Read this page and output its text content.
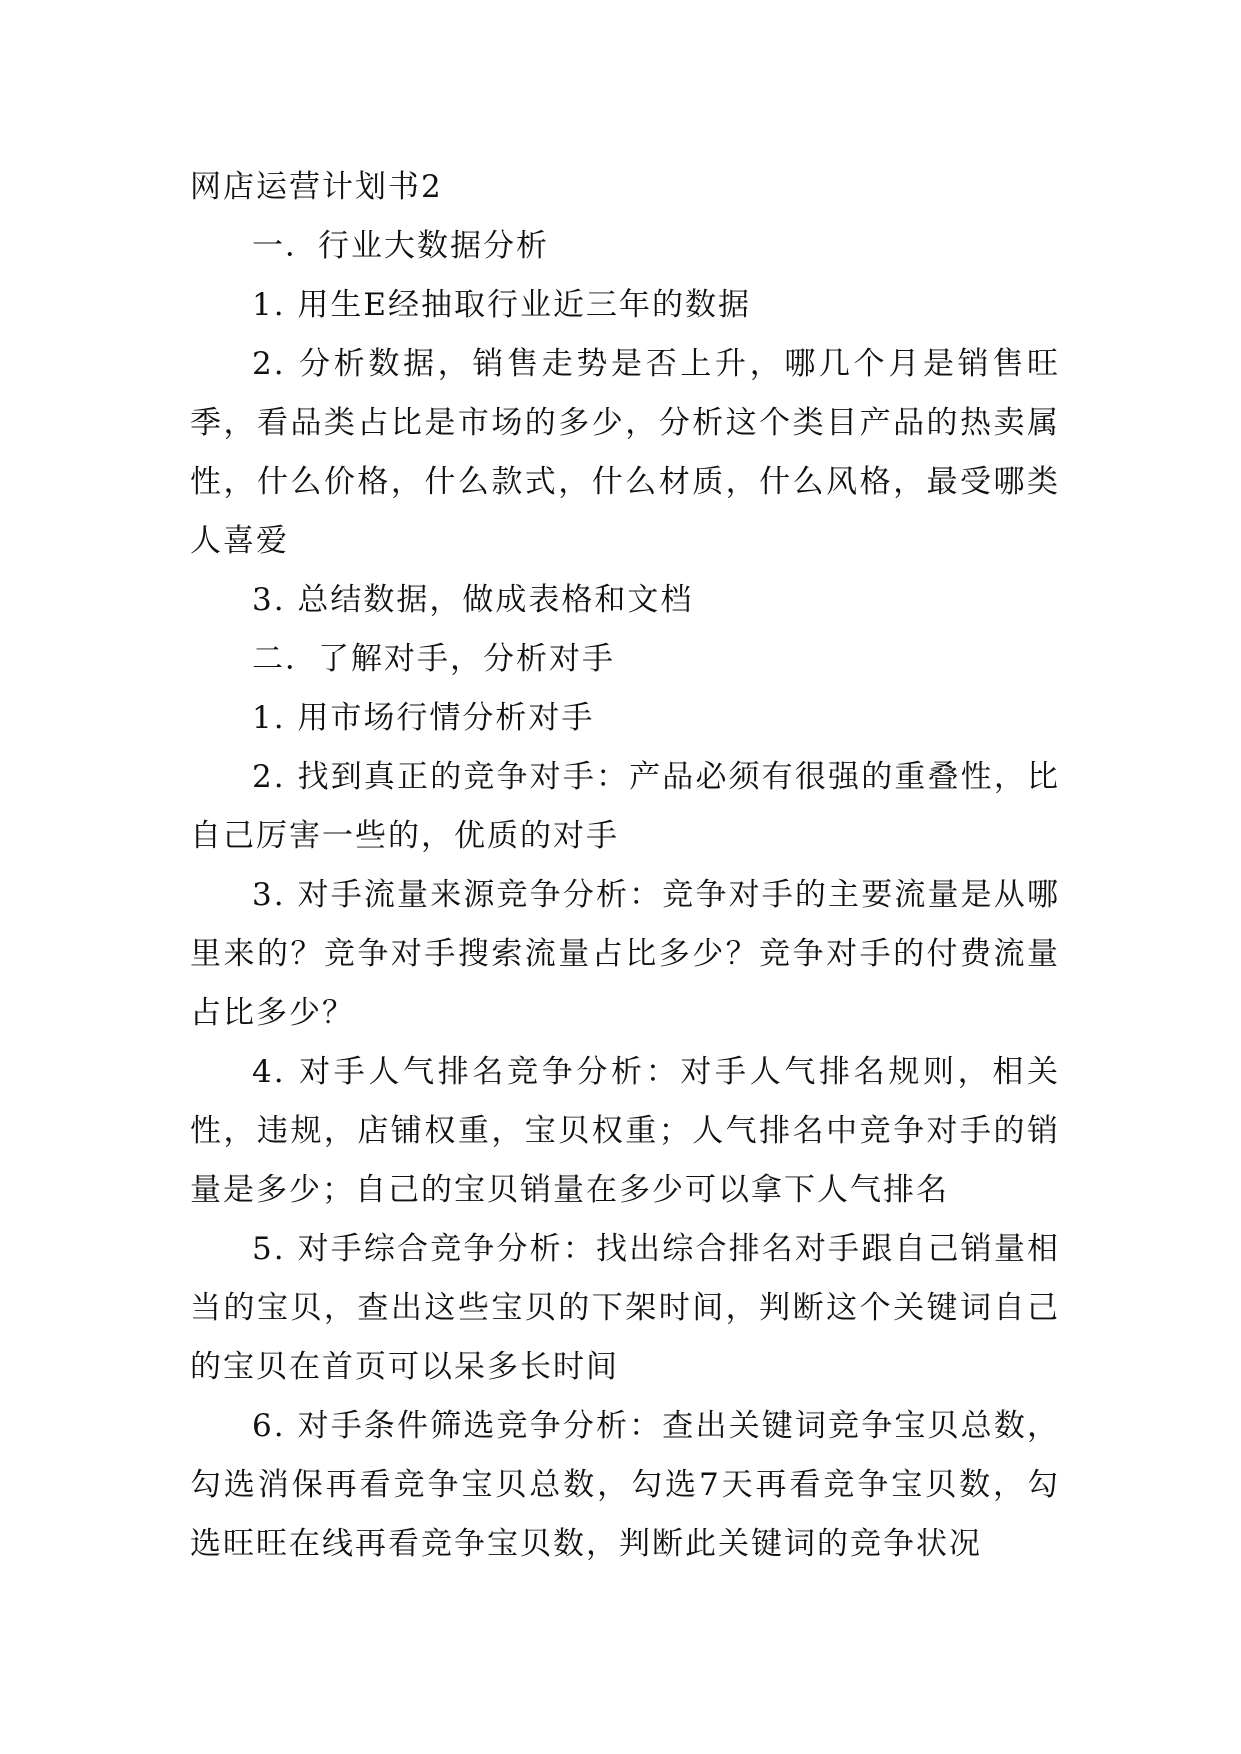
网店运营计划书2

一．行业大数据分析

1. 用生E经抽取行业近三年的数据

2. 分析数据，销售走势是否上升，哪几个月是销售旺季，看品类占比是市场的多少，分析这个类目产品的热卖属性，什么价格，什么款式，什么材质，什么风格，最受哪类人喜爱

3. 总结数据，做成表格和文档

二．了解对手，分析对手

1. 用市场行情分析对手

2. 找到真正的竞争对手：产品必须有很强的重叠性，比自己厉害一些的，优质的对手

3. 对手流量来源竞争分析：竞争对手的主要流量是从哪里来的？竞争对手搜索流量占比多少？竞争对手的付费流量占比多少？

4. 对手人气排名竞争分析：对手人气排名规则，相关性，违规，店铺权重，宝贝权重；人气排名中竞争对手的销量是多少；自己的宝贝销量在多少可以拿下人气排名

5. 对手综合竞争分析：找出综合排名对手跟自己销量相当的宝贝，查出这些宝贝的下架时间，判断这个关键词自己的宝贝在首页可以呆多长时间

6. 对手条件筛选竞争分析：查出关键词竞争宝贝总数，勾选消保再看竞争宝贝总数，勾选7天再看竞争宝贝数，勾选旺旺在线再看竞争宝贝数，判断此关键词的竞争状况
